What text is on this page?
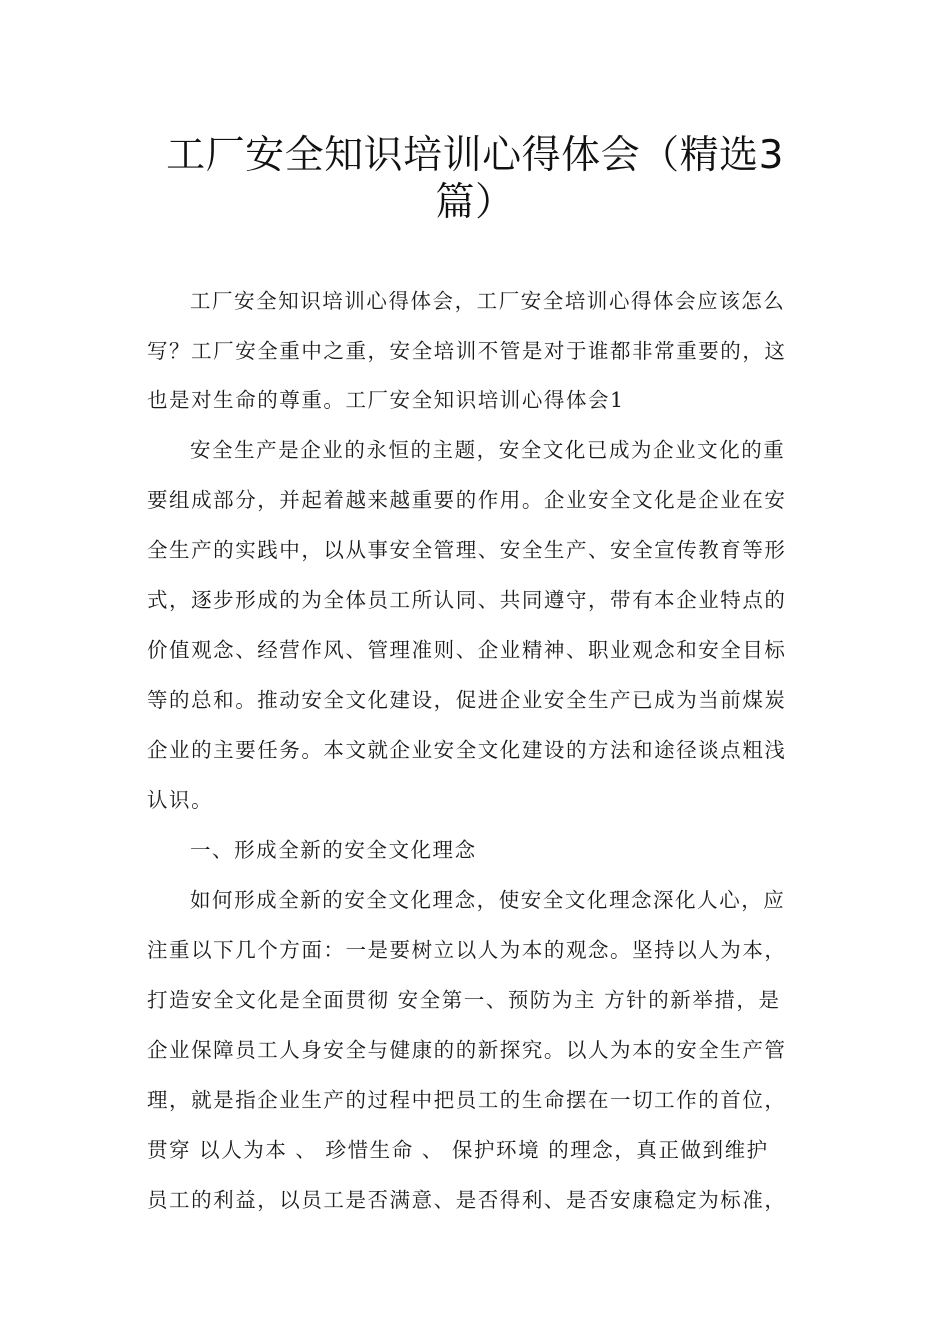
工厂安全知识培训心得体会（精选3
篇）
工厂安全知识培训心得体会，工厂安全培训心得体会应该怎么
写？工厂安全重中之重，安全培训不管是对于谁都非常重要的，这
也是对生命的尊重。工厂安全知识培训心得体会1
安全生产是企业的永恒的主题，安全文化已成为企业文化的重
要组成部分，并起着越来越重要的作用。企业安全文化是企业在安
全生产的实践中，以从事安全管理、安全生产、安全宣传教育等形
式，逐步形成的为全体员工所认同、共同遵守，带有本企业特点的
价值观念、经营作风、管理准则、企业精神、职业观念和安全目标
等的总和。推动安全文化建设，促进企业安全生产已成为当前煤炭
企业的主要任务。本文就企业安全文化建设的方法和途径谈点粗浅
认识。
一、形成全新的安全文化理念
如何形成全新的安全文化理念，使安全文化理念深化人心，应
注重以下几个方面：一是要树立以人为本的观念。坚持以人为本，
打造安全文化是全面贯彻 安全第一、预防为主 方针的新举措，是
企业保障员工人身安全与健康的的新探究。以人为本的安全生产管
理，就是指企业生产的过程中把员工的生命摆在一切工作的首位，
贯穿 以人为本 、 珍惜生命 、 保护环境 的理念，真正做到维护
员工的利益，以员工是否满意、是否得利、是否安康稳定为标准，
